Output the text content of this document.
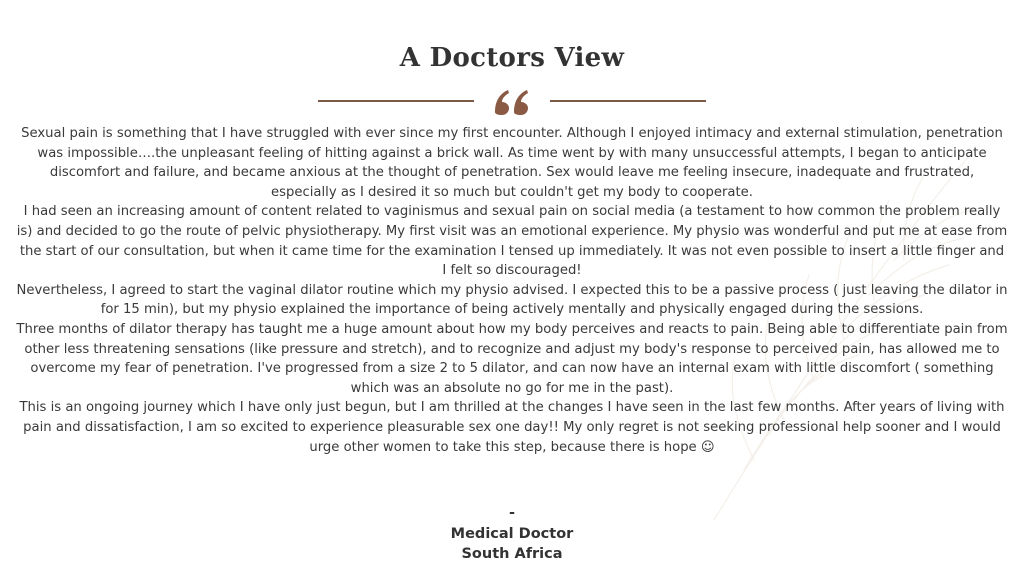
A Doctors View

Sexual pain is something that I have struggled with ever since my first encounter. Although I enjoyed intimacy and external stimulation, penetration was impossible….the unpleasant feeling of hitting against a brick wall. As time went by with many unsuccessful attempts, I began to anticipate discomfort and failure, and became anxious at the thought of penetration. Sex would leave me feeling insecure, inadequate and frustrated, especially as I desired it so much but couldn't get my body to cooperate.

I had seen an increasing amount of content related to vaginismus and sexual pain on social media (a testament to how common the problem really is) and decided to go the route of pelvic physiotherapy. My first visit was an emotional experience. My physio was wonderful and put me at ease from the start of our consultation, but when it came time for the examination I tensed up immediately. It was not even possible to insert a little finger and I felt so discouraged!

Nevertheless, I agreed to start the vaginal dilator routine which my physio advised. I expected this to be a passive process ( just leaving the dilator in for 15 min), but my physio explained the importance of being actively mentally and physically engaged during the sessions.

Three months of dilator therapy has taught me a huge amount about how my body perceives and reacts to pain. Being able to differentiate pain from other less threatening sensations (like pressure and stretch), and to recognize and adjust my body's response to perceived pain, has allowed me to overcome my fear of penetration. I've progressed from a size 2 to 5 dilator, and can now have an internal exam with little discomfort ( something which was an absolute no go for me in the past).

This is an ongoing journey which I have only just begun, but I am thrilled at the changes I have seen in the last few months. After years of living with pain and dissatisfaction, I am so excited to experience pleasurable sex one day!! My only regret is not seeking professional help sooner and I would urge other women to take this step, because there is hope ☺

-
Medical Doctor
South Africa
